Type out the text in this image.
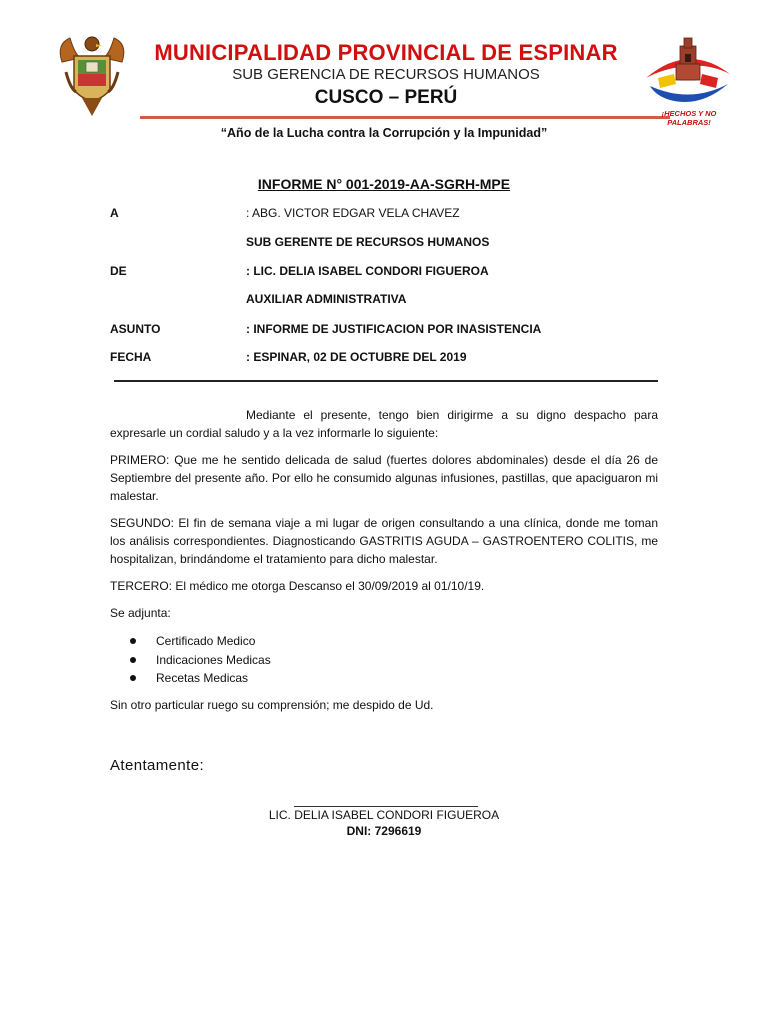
MUNICIPALIDAD PROVINCIAL DE ESPINAR
SUB GERENCIA DE RECURSOS HUMANOS
CUSCO – PERÚ
¡HECHOS Y NO PALABRAS!
“Año de la Lucha contra la Corrupción y la Impunidad”
INFORME N° 001-2019-AA-SGRH-MPE
A	: ABG. VICTOR EDGAR VELA CHAVEZ
SUB GERENTE DE RECURSOS HUMANOS
DE	: LIC. DELIA ISABEL CONDORI FIGUEROA
AUXILIAR ADMINISTRATIVA
ASUNTO	: INFORME DE JUSTIFICACION POR INASISTENCIA
FECHA	: ESPINAR, 02 DE OCTUBRE DEL 2019
Mediante el presente, tengo bien dirigirme a su digno despacho para expresarle un cordial saludo y a la vez informarle lo siguiente:
PRIMERO: Que me he sentido delicada de salud (fuertes dolores abdominales) desde el día 26 de Septiembre del presente año. Por ello he consumido algunas infusiones, pastillas, que apaciguaron mi malestar.
SEGUNDO: El fin de semana viaje a mi lugar de origen consultando a una clínica, donde me toman los análisis correspondientes. Diagnosticando GASTRITIS AGUDA – GASTROENTERO COLITIS, me hospitalizan, brindándome el tratamiento para dicho malestar.
TERCERO: El médico me otorga Descanso el 30/09/2019 al 01/10/19.
Se adjunta:
Certificado Medico
Indicaciones Medicas
Recetas Medicas
Sin otro particular ruego su comprensión; me despido de Ud.
Atentamente:
LIC. DELIA ISABEL CONDORI FIGUEROA
DNI: 7296619
